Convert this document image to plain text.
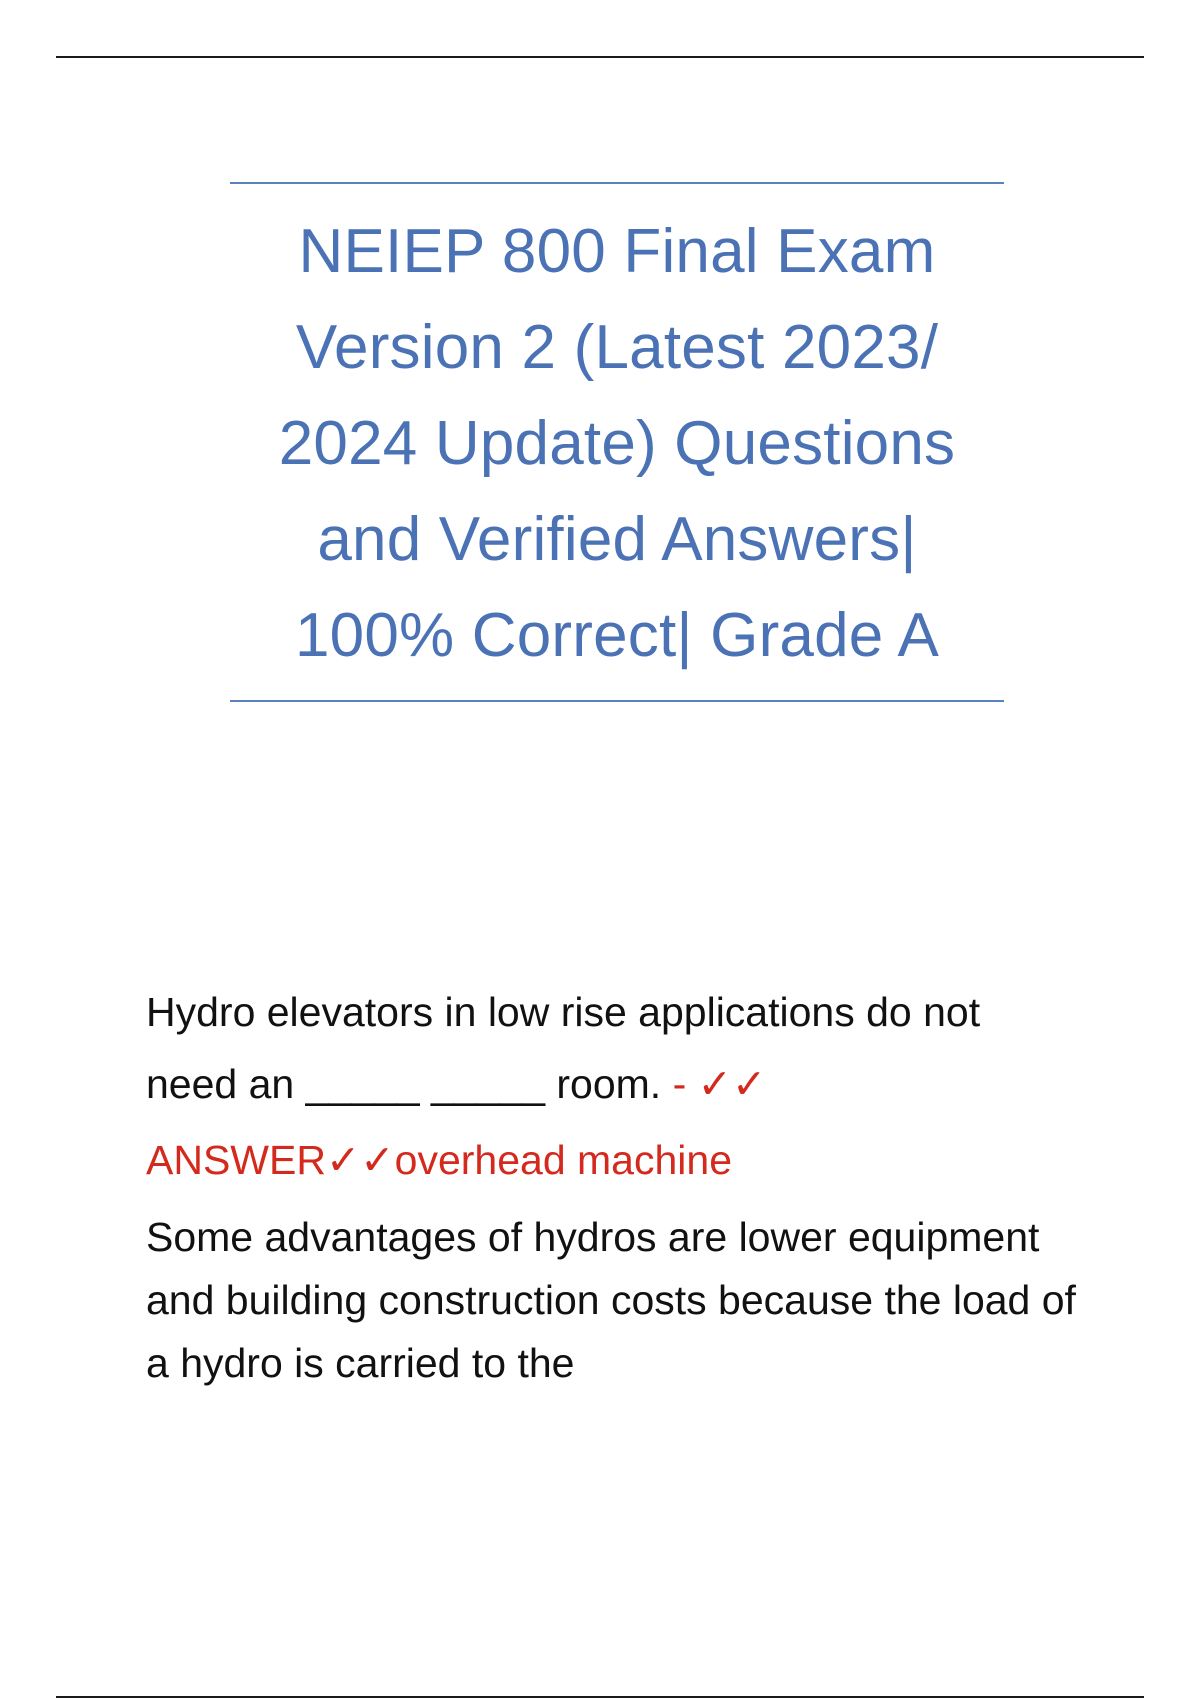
NEIEP 800 Final Exam Version 2 (Latest 2023/ 2024 Update) Questions and Verified Answers| 100% Correct| Grade A

Hydro elevators in low rise applications do not need an _____ _____ room. - ✓✓

ANSWER✓✓overhead machine

Some advantages of hydros are lower equipment and building construction costs because the load of a hydro is carried to the
